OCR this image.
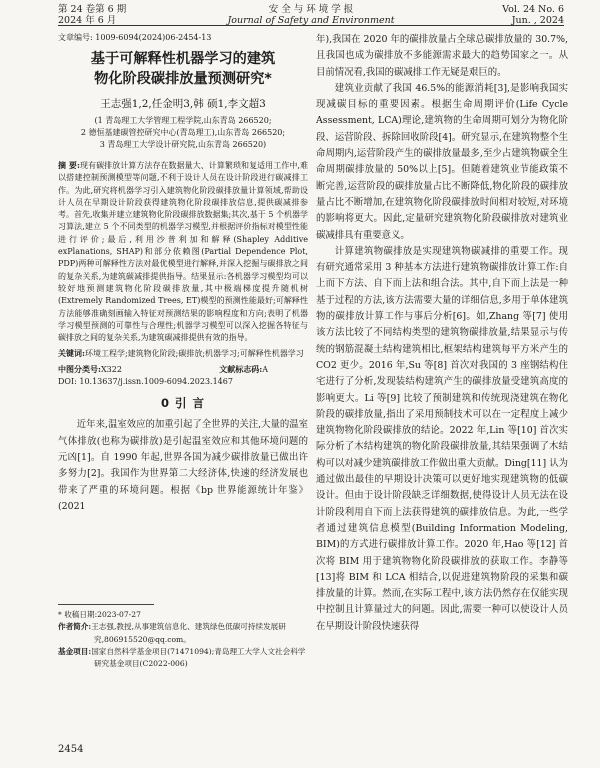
第 24 卷第 6 期
2024 年 6 月
安 全 与 环 境 学 报
Journal of Safety and Environment
Vol. 24 No. 6
Jun. , 2024

文章编号: 1009-6094(2024)06-2454-13

基于可解释性机器学习的建筑
物化阶段碳排放量预测研究*

王志强1,2,任金明3,韩 硕1,李文超3

(1 青岛理工大学管理工程学院,山东青岛 266520;

2 德恒基建碳管控研究中心(青岛理工),山东青岛 266520;

3 青岛理工大学设计研究院,山东青岛 266520)

摘 要:现有碳排放计算方法存在数据量大、计算繁琐和复适用工作中,难以搭建控制预测模型等问题,不利于设计人员在设计阶段进行碳减排工作。为此,研究将机器学习引入建筑物化阶段碳排放量计算领域,帮助设计人员在早期设计阶段获得建筑物化阶段碳排放信息,提供碳减排参考。首先,收集并建立建筑物化阶段碳排放数据集;其次,基于 5 个机器学习算法,建立 5 个不同类型的机器学习模型,并根据评价指标对模型性能进行评价;最后,利用沙普利加和解释(Shapley Additive exPlanations, SHAP)和部分依赖图(Partial Dependence Plot, PDP)两种可解释性方法对最优模型进行解释,并深入挖掘与碳排放之间的复杂关系,为建筑碳减排提供指导。结果显示:各机器学习模型均可以较好地预测建筑物化阶段碳排放量,其中极端梯度提升随机树(Extremely Randomized Trees, ET)模型的预测性能最好;可解释性方法能够准确刻画输入特征对预测结果的影响程度和方向;表明了机器学习模型预测的可靠性与合理性;机器学习模型可以深入挖掘各特征与碳排放之间的复杂关系,为建筑碳减排提供有效的指导。

关键词:环境工程学;建筑物化阶段;碳排放;机器学习;可解释性机器学习

中图分类号:X322	文献标志码:A

DOI: 10.13637/j.issn.1009-6094.2023.1467

0 引 言

近年来,温室效应的加重引起了全世界的关注,大量的温室气体排放(也称为碳排放)是引起温室效应和其他环境问题的元凶[1]。自 1990 年起,世界各国为减少碳排放量已做出许多努力[2]。我国作为世界第二大经济体,快速的经济发展也带来了严重的环境问题。根据《bp 世界能源统计年鉴》(2021

* 收稿日期:2023-07-27

作者简介:王志强,教授,从事建筑信息化、建筑绿色低碳可持续发展研究,806915520@qq.com。

基金项目:国家自然科学基金项目(71471094);青岛理工大学人文社会科学研究基金项目(C2022-006)

2454

年),我国在 2020 年的碳排放量占全球总碳排放量的 30.7%,且我国也成为碳排放不多能源需求最大的趋势国家之一。从目前情况看,我国的碳减排工作无疑是艰巨的。

建筑业贡献了我国 46.5%的能源消耗[3],是影响我国实现减碳目标的重要因素。根据生命周期评价(Life Cycle Assessment, LCA)理论,建筑物的生命周期可划分为物化阶段、运营阶段、拆除回收阶段[4]。研究显示,在建筑物整个生命周期内,运营阶段产生的碳排放量最多,至少占建筑物碳全生命周期碳排放量的 50%以上[5]。但随着建筑业节能政策不断完善,运营阶段的碳排放量占比不断降低,物化阶段的碳排放量占比不断增加,在建筑物化阶段碳排放时间相对较短,对环境的影响将更大。因此,定量研究建筑物化阶段碳排放对建筑业碳减排具有重要意义。

计算建筑物碳排放是实现建筑物碳减排的重要工作。现有研究通常采用 3 种基本方法进行建筑物碳排放计算工作:自上而下方法、自下而上法和组合法。其中,自下而上法是一种基于过程的方法,该方法需要大量的详细信息,多用于单体建筑物的碳排放计算工作与事后分析[6]。如,Zhang 等[7] 使用该方法比较了不同结构类型的建筑物碳排放量,结果显示与传统的钢筋混凝土结构建筑相比,框架结构建筑每平方米产生的 CO2 更少。2016 年,Su 等[8] 首次对我国的 3 座钢结构住宅进行了分析,发现装结构建筑产生的碳排放量受建筑高度的影响更大。Li 等[9] 比较了预制建筑和传统现浇建筑在物化阶段的碳排放量,指出了采用预制技术可以在一定程度上减少建筑物物化阶段碳排放的结论。2022 年,Lin 等[10] 首次实际分析了木结构建筑的物化阶段碳排放量,其结果强调了木结构可以对减少建筑碳排放工作做出重大贡献。Ding[11] 认为通过做出最佳的早期设计决策可以更好地实现建筑物的低碳设计。但由于设计阶段缺乏详细数据,使得设计人员无法在设计阶段利用自下而上法获得建筑的碳排放信息。为此,一些学者通过建筑信息模型(Building Information Modeling, BIM)的方式进行碳排放计算工作。2020 年,Hao 等[12] 首次将 BIM 用于建筑物物化阶段碳排放的获取工作。李静等[13]将 BIM 和 LCA 相结合,以促进建筑物阶段的采集和碳排放量的计算。然而,在实际工程中,该方法仍然存在仅能实现中控制且计算量过大的问题。因此,需要一种可以使设计人员在早期设计阶段快速获得
